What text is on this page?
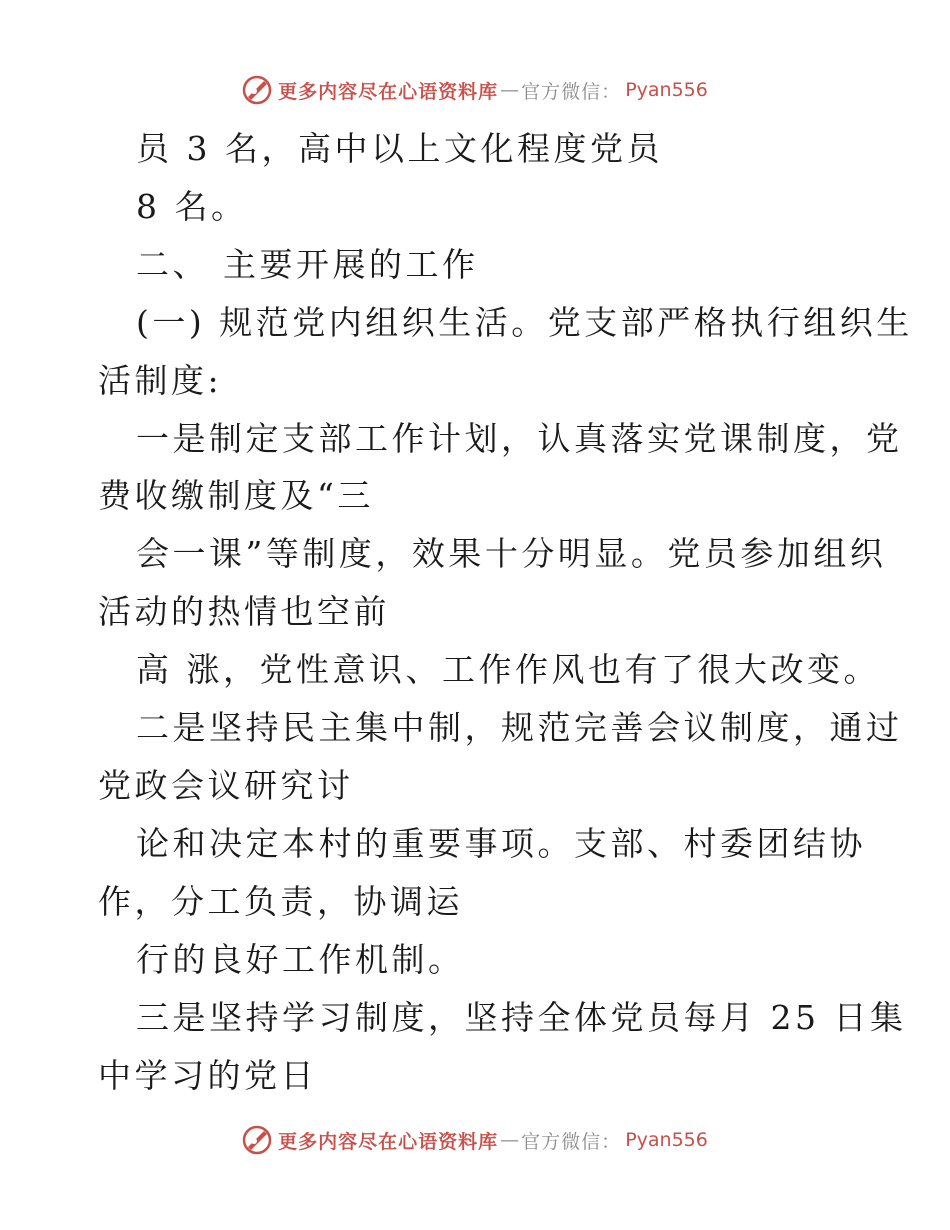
更多内容尽在心语资料库 — 官方微信： Pyan556
员 3 名，高中以上文化程度党员
8 名。
二、 主要开展的工作
(一) 规范党内组织生活。党支部严格执行组织生
活制度:
一是制定支部工作计划，认真落实党课制度，党
费收缴制度及“三
会一课”等制度，效果十分明显。党员参加组织
活动的热情也空前
高 涨，党性意识、工作作风也有了很大改变。
二是坚持民主集中制，规范完善会议制度，通过
党政会议研究讨
论和决定本村的重要事项。支部、村委团结协
作，分工负责，协调运
行的良好工作机制。
三是坚持学习制度，坚持全体党员每月 25 日集
中学习的党日
更多内容尽在心语资料库 — 官方微信： Pyan556
